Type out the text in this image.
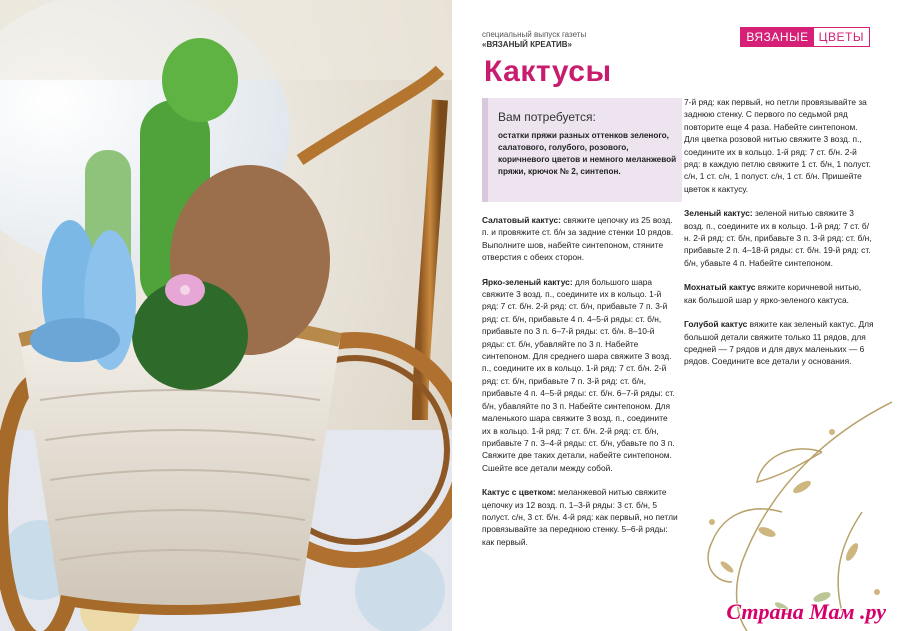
специальный выпуск газеты
«ВЯЗАНЫЙ КРЕАТИВ»
ВЯЗАНЫЕ ЦВЕТЫ
Кактусы
Вам потребуется:
остатки пряжи разных оттенков зеленого, салатового, голубого, розового, коричневого цветов и немного меланжевой пряжи, крючок № 2, синтепон.

Салатовый кактус: свяжите цепочку из 25 возд. п. и провяжите ст. б/н за задние стенки 10 рядов. Выполните шов, набейте синтепоном, стяните отверстия с обеих сторон.

Ярко-зеленый кактус: для большого шара свяжите 3 возд. п., соедините их в кольцо. 1-й ряд: 7 ст. б/н. 2-й ряд: ст. б/н, прибавьте 7 п. 3-й ряд: ст. б/н, прибавьте 4 п. 4–5-й ряды: ст. б/н, прибавьте по 3 п. 6–7-й ряды: ст. б/н. 8–10-й ряды: ст. б/н, убавляйте по 3 п. Набейте синтепоном. Для среднего шара свяжите 3 возд. п., соедините их в кольцо. 1-й ряд: 7 ст. б/н. 2-й ряд: ст. б/н, прибавьте 7 п. 3-й ряд: ст. б/н, прибавьте 4 п. 4–5-й ряды: ст. б/н. 6–7-й ряды: ст. б/н, убавляйте по 3 п. Набейте синтепоном. Для маленького шара свяжите 3 возд. п., соедините их в кольцо. 1-й ряд: 7 ст. б/н. 2-й ряд: ст. б/н, прибавьте 7 п. 3–4-й ряды: ст. б/н, убавьте по 3 п. Свяжите две таких детали, набейте синтепоном. Сшейте все детали между собой.

Кактус с цветком: меланжевой нитью свяжите цепочку из 12 возд. п. 1–3-й ряды: 3 ст. б/н, 5 полуст. с/н, 3 ст. б/н. 4-й ряд: как первый, но петли провязывайте за переднюю стенку. 5–6-й ряды: как первый.

7-й ряд: как первый, но петли провязывайте за заднюю стенку. С первого по седьмой ряд повторите еще 4 раза. Набейте синтепоном. Для цветка розовой нитью свяжите 3 возд. п., соедините их в кольцо. 1-й ряд: 7 ст. б/н. 2-й ряд: в каждую петлю свяжите 1 ст. б/н, 1 полуст. с/н, 1 ст. с/н, 1 полуст. с/н, 1 ст. б/н. Пришейте цветок к кактусу.

Зеленый кактус: зеленой нитью свяжите 3 возд. п., соедините их в кольцо. 1-й ряд: 7 ст. б/н. 2-й ряд: ст. б/н, прибавьте 3 п. 3-й ряд: ст. б/н, прибавьте 2 п. 4–18-й ряды: ст. б/н. 19-й ряд: ст. б/н, убавьте 4 п. Набейте синтепоном.

Мохнатый кактус вяжите коричневой нитью, как большой шар у ярко-зеленого кактуса.

Голубой кактус вяжите как зеленый кактус. Для большой детали свяжите только 11 рядов, для средней — 7 рядов и для двух маленьких — 6 рядов. Соедините все детали у основания.

Страна Мам .ру
